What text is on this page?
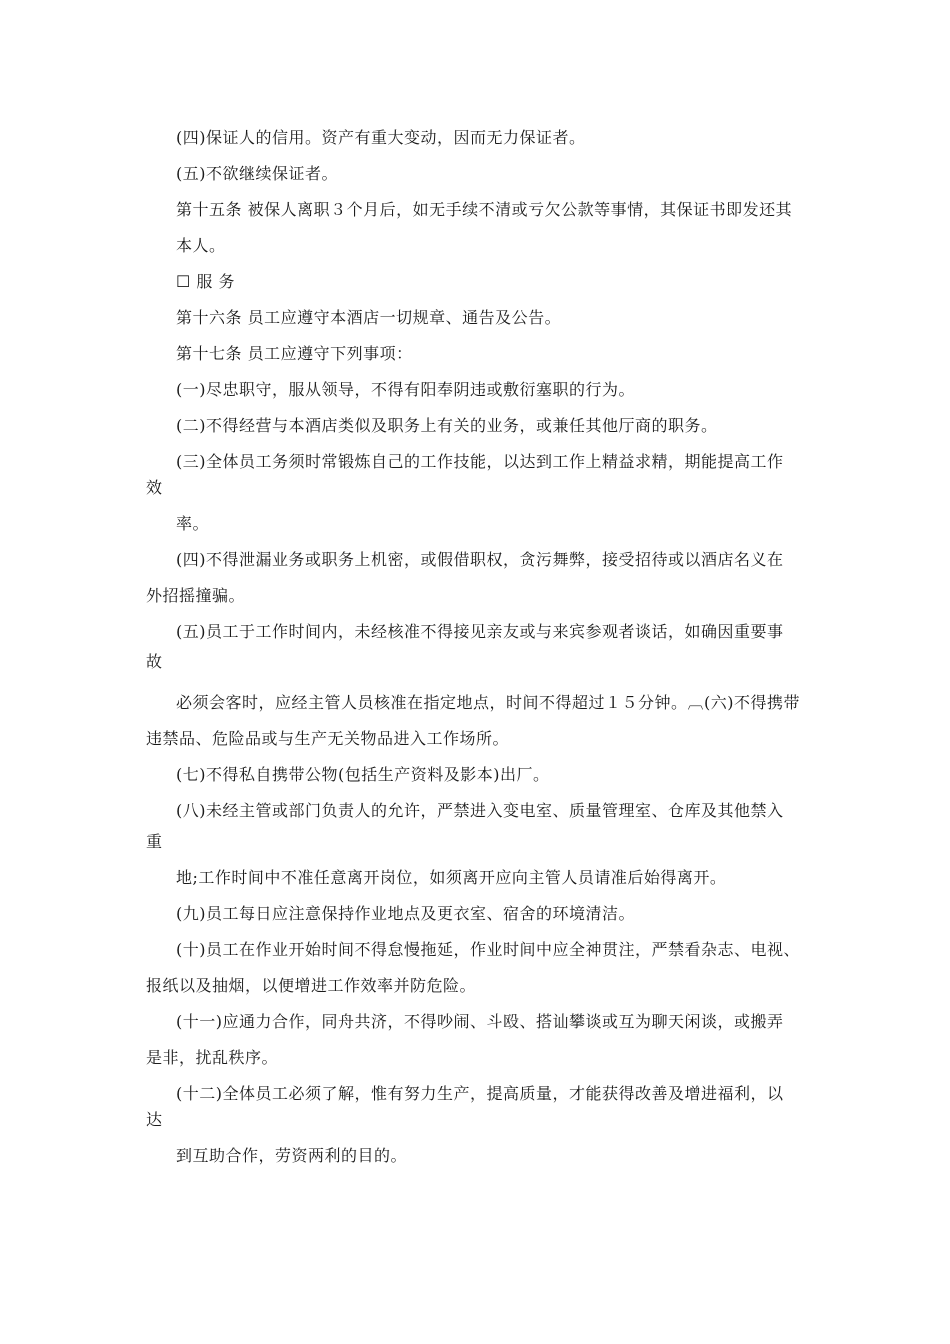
(四)保证人的信用。资产有重大变动，因而无力保证者。
(五)不欲继续保证者。
第十五条 被保人离职３个月后，如无手续不清或亏欠公款等事情，其保证书即发还其
本人。
☐ 服 务
第十六条 员工应遵守本酒店一切规章、通告及公告。
第十七条 员工应遵守下列事项：
(一)尽忠职守，服从领导，不得有阳奉阴违或敷衍塞职的行为。
(二)不得经营与本酒店类似及职务上有关的业务，或兼任其他厅商的职务。
(三)全体员工务须时常锻炼自己的工作技能，以达到工作上精益求精，期能提高工作
效
率。
(四)不得泄漏业务或职务上机密，或假借职权，贪污舞弊，接受招待或以酒店名义在
外招摇撞骗。
(五)员工于工作时间内，未经核准不得接见亲友或与来宾参观者谈话，如确因重要事
故
必须会客时，应经主管人员核准在指定地点，时间不得超过１５分钟。︹(六)不得携带
违禁品、危险品或与生产无关物品进入工作场所。
(七)不得私自携带公物(包括生产资料及影本)出厂。
(八)未经主管或部门负责人的允许，严禁进入变电室、质量管理室、仓库及其他禁入
重
地;工作时间中不准任意离开岗位，如须离开应向主管人员请准后始得离开。
(九)员工每日应注意保持作业地点及更衣室、宿舍的环境清洁。
(十)员工在作业开始时间不得怠慢拖延，作业时间中应全神贯注，严禁看杂志、电视、
报纸以及抽烟，以便增进工作效率并防危险。
(十一)应通力合作，同舟共济，不得吵闹、斗殴、搭讪攀谈或互为聊天闲谈，或搬弄
是非，扰乱秩序。
(十二)全体员工必须了解，惟有努力生产，提高质量，才能获得改善及增进福利，以
达
到互助合作，劳资两利的目的。
